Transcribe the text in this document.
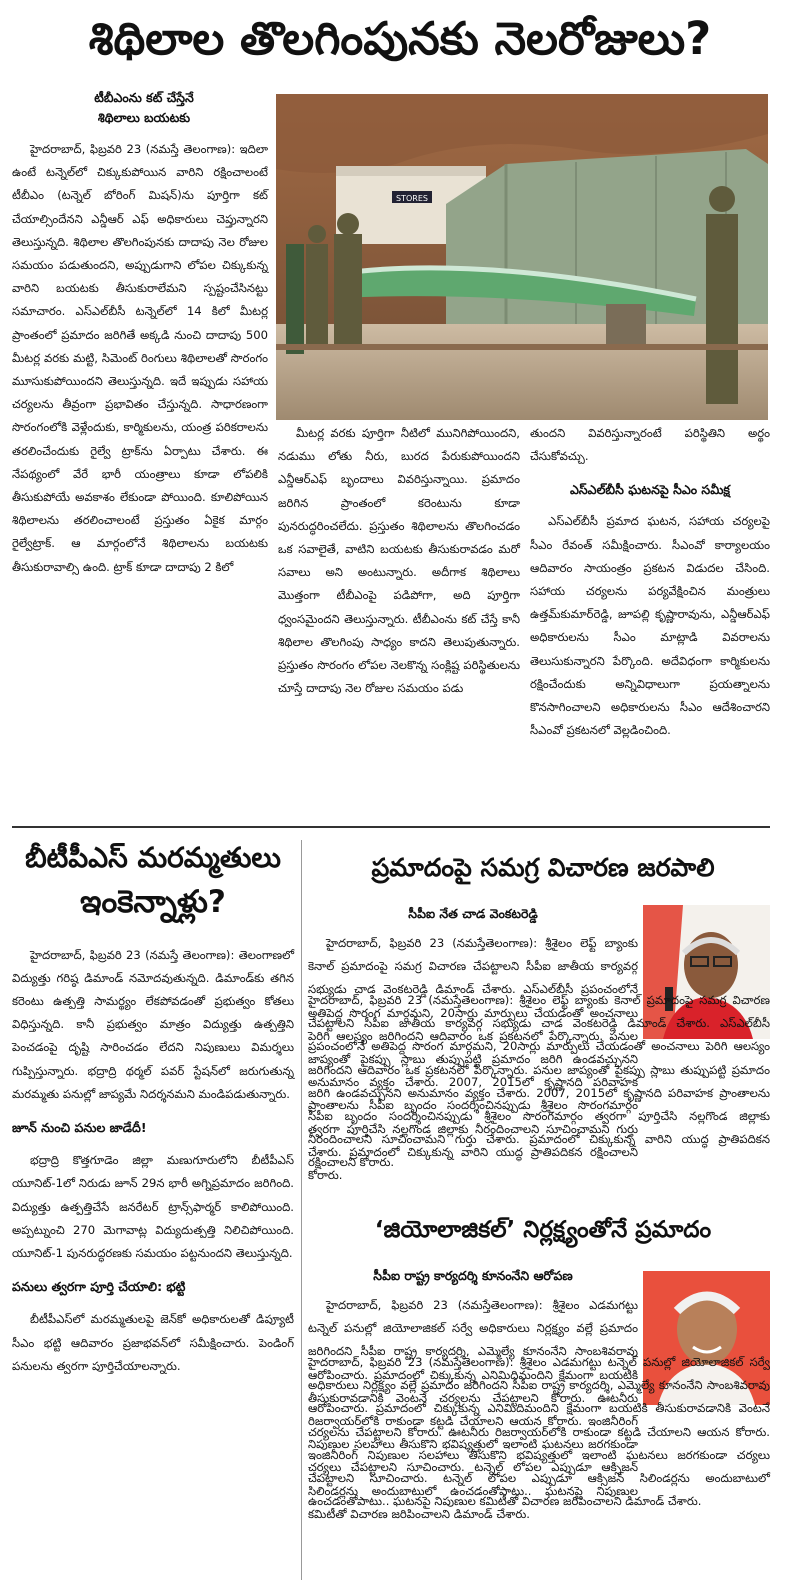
శిథిలాల తొలగింపునకు నెలరోజులు?
టీబీఎంను కట్ చేస్తేనే
శిథిలాలు బయటకు
హైదరాబాద్, ఫిబ్రవరి 23 (నమస్తే తెలంగాణ): ఇదిలా ఉంటే టన్నెల్‌లో చిక్కుకుపోయిన వారిని రక్షించాలంటే టీబీఎం (టన్నెల్ బోరింగ్ మిషన్)ను పూర్తిగా కట్ చేయాల్సిందేనని ఎన్డీఆర్ ఎఫ్ అధికారులు చెప్తున్నారని తెలుస్తున్నది. శిథిలాల తొలగింపునకు దాదాపు నెల రోజుల సమయం పడుతుందని, అప్పుడుగాని లోపల చిక్కుకున్న వారిని బయటకు తీసుకురాలేమని స్పష్టంచేసినట్టు సమాచారం. ఎస్ఎల్‌బీసీ టన్నెల్‌లో 14 కిలో మీటర్ల ప్రాంతంలో ప్రమాదం జరిగితే అక్కడి నుంచి దాదాపు 500 మీటర్ల వరకు మట్టి, సిమెంట్ రింగులు శిథిలాలతో సొరంగం మూసుకుపోయిందని తెలుస్తున్నది. ఇదే ఇప్పుడు సహాయ చర్యలను తీవ్రంగా ప్రభావితం చేస్తున్నది. సాధారణంగా సొరంగంలోకి వెళ్లేందుకు, కార్మికులను, యంత్ర పరికరాలను తరలించేందుకు రైల్వే ట్రాక్‌ను ఏర్పాటు చేశారు. ఈ నేపథ్యంలో వేరే భారీ యంత్రాలు కూడా లోపలికి తీసుకుపోయే అవకాశం లేకుండా పోయింది. కూలిపోయిన శిథిలాలను తరలించాలంటే ప్రస్తుతం ఏకైక మార్గం రైల్వేట్రాక్. ఆ మార్గంలోనే శిథిలాలను బయటకు తీసుకురావాల్సి ఉంది. ట్రాక్ కూడా దాదాపు 2 కిలో
STORES
మీటర్ల వరకు పూర్తిగా నీటిలో మునిగిపోయిందని, నడుము లోతు నీరు, బురద పేరుకుపోయిందని ఎన్డీఆర్ఎఫ్ బృందాలు వివరిస్తున్నాయి. ప్రమాదం జరిగిన ప్రాంతంలో కరెంటును కూడా పునరుద్ధరించలేదు. ప్రస్తుతం శిథిలాలను తొలగించడం ఒక సవాలైతే, వాటిని బయటకు తీసుకురావడం మరో సవాలు అని అంటున్నారు. అదీగాక శిథిలాలు మొత్తంగా టీబీఎంపై పడిపోగా, అది పూర్తిగా ధ్వంసమైందని తెలుస్తున్నారు. టీబీఎంను కట్ చేస్తే కానీ శిథిలాల తొలగింపు సాధ్యం కాదని తెలుపుతున్నారు. ప్రస్తుతం సొరంగం లోపల నెలకొన్న సంక్లిష్ట పరిస్థితులను చూస్తే దాదాపు నెల రోజుల సమయం పడు

తుందని వివరిస్తున్నారంటే పరిస్థితిని అర్థం చేసుకోవచ్చు.

ఎస్ఎల్‌బీసీ ఘటనపై సీఎం సమీక్ష

ఎస్ఎల్‌బీసీ ప్రమాద ఘటన, సహాయ చర్యలపై సీఎం రేవంత్ సమీక్షించారు. సీఎంవో కార్యాలయం ఆదివారం సాయంత్రం ప్రకటన విడుదల చేసింది. సహాయ చర్యలను పర్యవేక్షించిన మంత్రులు ఉత్తమ్‌కుమార్‌రెడ్డి, జూపల్లి కృష్ణారావును, ఎన్డీఆర్ఎఫ్ అధికారులను సీఎం మాట్లాడి వివరాలను తెలుసుకున్నారని పేర్కొంది. అదేవిధంగా కార్మికులను రక్షించేందుకు అన్నివిధాలుగా ప్రయత్నాలను కొనసాగించాలని అధికారులను సీఎం ఆదేశించారని సీఎంవో ప్రకటనలో వెల్లడించింది.

బీటీపీఎస్ మరమ్మతులు
ఇంకెన్నాళ్లు?

హైదరాబాద్, ఫిబ్రవరి 23 (నమస్తే తెలంగాణ): తెలంగాణలో విద్యుత్తు గరిష్ఠ డిమాండ్ నమోదవుతున్నది. డిమాండ్‌కు తగిన కరెంటు ఉత్పత్తి సామర్థ్యం లేకపోవడంతో ప్రభుత్వం కోతలు విధిస్తున్నది. కానీ ప్రభుత్వం మాత్రం విద్యుత్తు ఉత్పత్తిని పెంచడంపై దృష్టి సారించడం లేదని నిపుణులు విమర్శలు గుప్పిస్తున్నారు. భద్రాద్రి థర్మల్ పవర్ స్టేషన్‌లో జరుగుతున్న మరమ్మతు పనుల్లో జాప్యమే నిదర్శనమని మండిపడుతున్నారు.

జూన్ నుంచి పనుల జాడేదీ!

భద్రాద్రి కొత్తగూడెం జిల్లా మణుగూరులోని బీటీపీఎస్ యూనిట్-1లో నిరుడు జూన్ 29న భారీ అగ్నిప్రమాదం జరిగింది. విద్యుత్తు ఉత్పత్తిచేసే జనరేటర్ ట్రాన్స్‌ఫార్మర్ కాలిపోయింది. అప్పట్నుంచి 270 మెగావాట్ల విద్యుదుత్పత్తి నిలిచిపోయింది. యూనిట్-1 పునరుద్ధరణకు సమయం పట్టనుందని తెలుస్తున్నది.

పనులు త్వరగా పూర్తి చేయాలి: భట్టి

బీటీపీఎస్‌లో మరమ్మతులపై జెన్‌కో అధికారులతో డిప్యూటీ సీఎం భట్టి ఆదివారం ప్రజాభవన్‌లో సమీక్షించారు. పెండింగ్ పనులను త్వరగా పూర్తిచేయాలన్నారు.

ప్రమాదంపై సమగ్ర విచారణ జరపాలి
సీపీఐ నేత చాడ వెంకటరెడ్డి
హైదరాబాద్, ఫిబ్రవరి 23 (నమస్తేతెలంగాణ): శ్రీశైలం లెఫ్ట్ బ్యాంకు కెనాల్ ప్రమాదంపై సమగ్ర విచారణ చేపట్టాలని సీపీఐ జాతీయ కార్యవర్గ సభ్యుడు చాడ వెంకటరెడ్డి డిమాండ్ చేశారు. ఎస్ఎల్‌బీసీ ప్రపంచంలోనే అతిపెద్ద సొరంగ మార్గమని, 20సార్లు మార్పులు చేయడంతో అంచనాలు పెరిగి ఆలస్యం జరిగిందని ఆదివారం ఒక ప్రకటనలో పేర్కొన్నారు. పనుల జాప్యంతో పైకప్పు స్లాబు తుప్పుపట్టి ప్రమాదం జరిగి ఉండవచ్చునని అనుమానం వ్యక్తం చేశారు. 2007, 2015లో కృష్ణానది పరివాహక ప్రాంతాలను సీపీఐ బృందం సందర్శించినప్పుడు శ్రీశైలం సొరంగమార్గం త్వరగా పూర్తిచేసి నల్లగొండ జిల్లాకు నీరందించాలని సూచించామని గుర్తు చేశారు. ప్రమాదంలో చిక్కుకున్న వారిని యుద్ధ ప్రాతిపదికన రక్షించాలని కోరారు.
హైదరాబాద్, ఫిబ్రవరి 23 (నమస్తేతెలంగాణ): శ్రీశైలం లెఫ్ట్ బ్యాంకు కెనాల్ ప్రమాదంపై సమగ్ర విచారణ చేపట్టాలని సీపీఐ జాతీయ కార్యవర్గ సభ్యుడు చాడ వెంకటరెడ్డి డిమాండ్ చేశారు. ఎస్ఎల్‌బీసీ ప్రపంచంలోనే అతిపెద్ద సొరంగ మార్గమని, 20సార్లు మార్పులు చేయడంతో అంచనాలు పెరిగి ఆలస్యం జరిగిందని ఆదివారం ఒక ప్రకటనలో పేర్కొన్నారు. పనుల జాప్యంతో పైకప్పు స్లాబు తుప్పుపట్టి ప్రమాదం జరిగి ఉండవచ్చునని అనుమానం వ్యక్తం చేశారు. 2007, 2015లో కృష్ణానది పరివాహక ప్రాంతాలను సీపీఐ బృందం సందర్శించినప్పుడు శ్రీశైలం సొరంగమార్గం త్వరగా పూర్తిచేసి నల్లగొండ జిల్లాకు నీరందించాలని సూచించామని గుర్తు చేశారు. ప్రమాదంలో చిక్కుకున్న వారిని యుద్ధ ప్రాతిపదికన రక్షించాలని కోరారు.
‘జియోలాజికల్’ నిర్లక్ష్యంతోనే ప్రమాదం
సీపీఐ రాష్ట్ర కార్యదర్శి కూనంనేని ఆరోపణ
హైదరాబాద్, ఫిబ్రవరి 23 (నమస్తేతెలంగాణ): శ్రీశైలం ఎడమగట్టు టన్నెల్ పనుల్లో జియోలాజికల్ సర్వే అధికారులు నిర్లక్ష్యం వల్లే ప్రమాదం జరిగిందని సీపీఐ రాష్ట్ర కార్యదర్శి, ఎమ్మెల్యే కూనంనేని సాంబశివరావు ఆరోపించారు. ప్రమాదంలో చిక్కుకున్న ఎనిమిదిమందిని క్షేమంగా బయటికి తీసుకురావడానికి వెంటనే చర్యలను చేపట్టాలని కోరారు. ఊటనీరు రిజర్వాయర్‌లోకి రాకుండా కట్టడి చేయాలని ఆయన కోరారు. ఇంజినీరింగ్ నిపుణుల సలహాలు తీసుకొని భవిష్యత్తులో ఇలాంటి ఘటనలు జరగకుండా చర్యలు చేపట్టాలని సూచించారు. టన్నెల్ లోపల ఎప్పుడూ ఆక్సిజన్ సిలిండర్లను అందుబాటులో ఉంచడంతోపాటు.. ఘటనపై నిపుణుల కమిటీతో విచారణ జరిపించాలని డిమాండ్ చేశారు.
హైదరాబాద్, ఫిబ్రవరి 23 (నమస్తేతెలంగాణ): శ్రీశైలం ఎడమగట్టు టన్నెల్ పనుల్లో జియోలాజికల్ సర్వే అధికారులు నిర్లక్ష్యం వల్లే ప్రమాదం జరిగిందని సీపీఐ రాష్ట్ర కార్యదర్శి, ఎమ్మెల్యే కూనంనేని సాంబశివరావు ఆరోపించారు. ప్రమాదంలో చిక్కుకున్న ఎనిమిదిమందిని క్షేమంగా బయటికి తీసుకురావడానికి వెంటనే చర్యలను చేపట్టాలని కోరారు. ఊటనీరు రిజర్వాయర్‌లోకి రాకుండా కట్టడి చేయాలని ఆయన కోరారు. ఇంజినీరింగ్ నిపుణుల సలహాలు తీసుకొని భవిష్యత్తులో ఇలాంటి ఘటనలు జరగకుండా చర్యలు చేపట్టాలని సూచించారు. టన్నెల్ లోపల ఎప్పుడూ ఆక్సిజన్ సిలిండర్లను అందుబాటులో ఉంచడంతోపాటు.. ఘటనపై నిపుణుల కమిటీతో విచారణ జరిపించాలని డిమాండ్ చేశారు.
